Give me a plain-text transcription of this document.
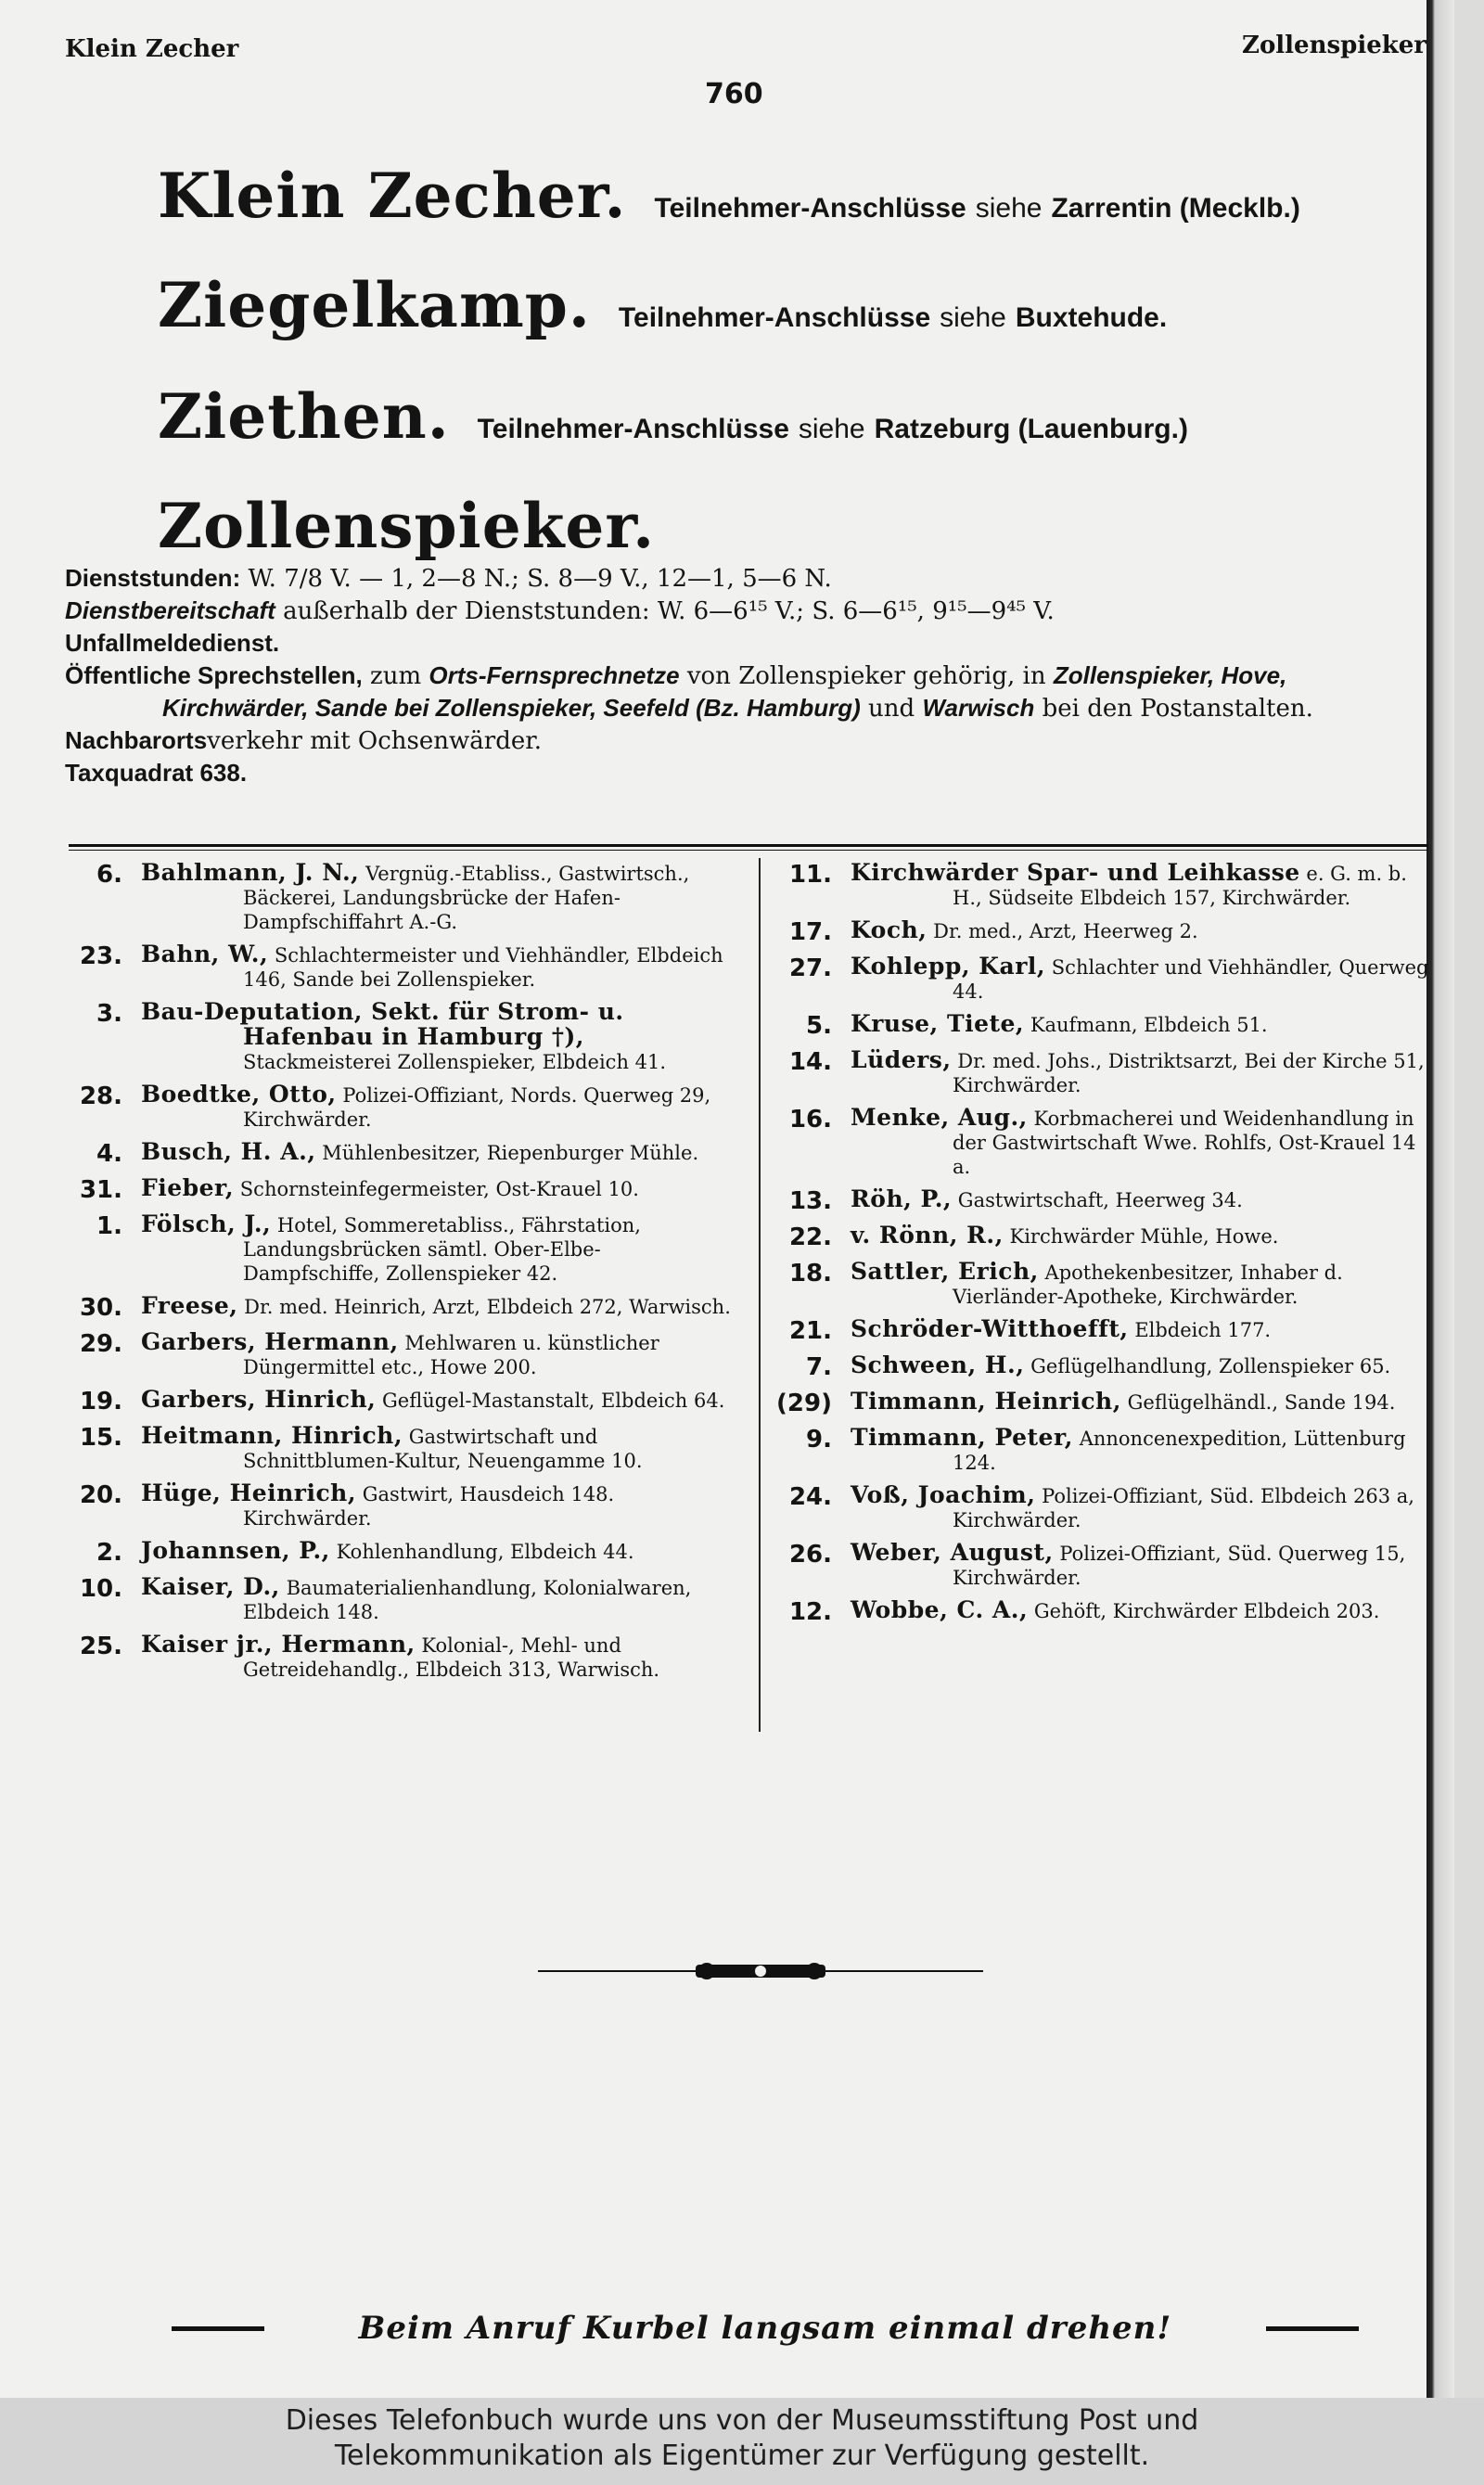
Klein Zecher	Zollenspieker
760
Klein Zecher. Teilnehmer-Anschlüsse siehe Zarrentin (Mecklb.)
Ziegelkamp. Teilnehmer-Anschlüsse siehe Buxtehude.
Ziethen. Teilnehmer-Anschlüsse siehe Ratzeburg (Lauenburg.)
Zollenspieker.
Dienststunden: W. 7/8 V. — 1, 2—8 N.; S. 8—9 V., 12—1, 5—6 N.
Dienstbereitschaft außerhalb der Dienststunden: W. 6—6¹⁵ V.; S. 6—6¹⁵, 9¹⁵—9⁴⁵ V.
Unfallmeldedienst.
Öffentliche Sprechstellen, zum Orts-Fernsprechnetze von Zollenspieker gehörig, in Zollenspieker, Hove,
Kirchwärder, Sande bei Zollenspieker, Seefeld (Bz. Hamburg) und Warwisch bei den Postanstalten.
Nachbarortsverkehr mit Ochsenwärder.
Taxquadrat 638.
6. Bahlmann, J. N., Vergnüg.-Etabliss., Gastwirtsch., Bäckerei, Landungsbrücke der Hafen-Dampfschiffahrt A.-G.
23. Bahn, W., Schlachtermeister und Viehhändler, Elbdeich 146, Sande bei Zollenspieker.
3. Bau-Deputation, Sekt. für Strom- u. Hafenbau in Hamburg †), Stackmeisterei Zollenspieker, Elbdeich 41.
28. Boedtke, Otto, Polizei-Offiziant, Nords. Querweg 29, Kirchwärder.
4. Busch, H. A., Mühlenbesitzer, Riepenburger Mühle.
31. Fieber, Schornsteinfegermeister, Ost-Krauel 10.
1. Fölsch, J., Hotel, Sommeretabliss., Fährstation, Landungsbrücken sämtl. Ober-Elbe-Dampfschiffe, Zollenspieker 42.
30. Freese, Dr. med. Heinrich, Arzt, Elbdeich 272, Warwisch.
29. Garbers, Hermann, Mehlwaren u. künstlicher Düngermittel etc., Howe 200.
19. Garbers, Hinrich, Geflügel-Mastanstalt, Elbdeich 64.
15. Heitmann, Hinrich, Gastwirtschaft und Schnittblumen-Kultur, Neuengamme 10.
20. Hüge, Heinrich, Gastwirt, Hausdeich 148. Kirchwärder.
2. Johannsen, P., Kohlenhandlung, Elbdeich 44.
10. Kaiser, D., Baumaterialienhandlung, Kolonialwaren, Elbdeich 148.
25. Kaiser jr., Hermann, Kolonial-, Mehl- und Getreidehandlg., Elbdeich 313, Warwisch.
11. Kirchwärder Spar- und Leihkasse e. G. m. b. H., Südseite Elbdeich 157, Kirchwärder.
17. Koch, Dr. med., Arzt, Heerweg 2.
27. Kohlepp, Karl, Schlachter und Viehhändler, Querweg 44.
5. Kruse, Tiete, Kaufmann, Elbdeich 51.
14. Lüders, Dr. med. Johs., Distriktsarzt, Bei der Kirche 51, Kirchwärder.
16. Menke, Aug., Korbmacherei und Weidenhandlung in der Gastwirtschaft Wwe. Rohlfs, Ost-Krauel 14 a.
13. Röh, P., Gastwirtschaft, Heerweg 34.
22. v. Rönn, R., Kirchwärder Mühle, Howe.
18. Sattler, Erich, Apothekenbesitzer, Inhaber d. Vierländer-Apotheke, Kirchwärder.
21. Schröder-Witthoefft, Elbdeich 177.
7. Schween, H., Geflügelhandlung, Zollenspieker 65.
(29) Timmann, Heinrich, Geflügelhändl., Sande 194.
9. Timmann, Peter, Annoncenexpedition, Lüttenburg 124.
24. Voß, Joachim, Polizei-Offiziant, Süd. Elbdeich 263 a, Kirchwärder.
26. Weber, August, Polizei-Offiziant, Süd. Querweg 15, Kirchwärder.
12. Wobbe, C. A., Gehöft, Kirchwärder Elbdeich 203.
Beim Anruf Kurbel langsam einmal drehen!
Dieses Telefonbuch wurde uns von der Museumsstiftung Post und
Telekommunikation als Eigentümer zur Verfügung gestellt.
